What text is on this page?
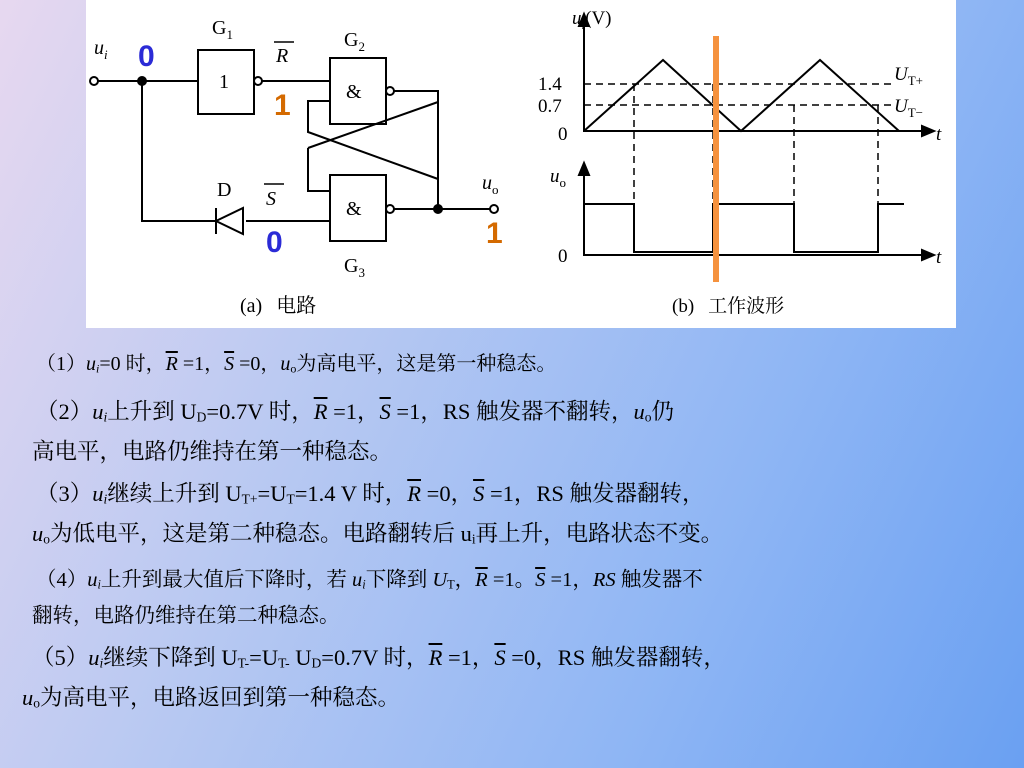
$G_1$	$G_2$
$G_3$
1	&
&
D
R
S
$u_i$
$u_o$
0
1
0	1
(a) 电路
$u_i(V)$
1.4
0.7
0
$U_{T+}$
$U_{T-}$
t
$u_o$
0	t
(b) 工作波形
$(1)u_i=0$ 时，$\overline{R} =1$，$\overline{S} =0$，$u_o$为高电平，这是第一种稳态。
$(2)u_i$上升到 $U_D=0.7V$ 时，$\overline{R} =1$，$\overline{S} =1$，RS 触发器不翻转，$u_o$仍
高电平，电路仍维持在第一种稳态。
$(3)u_i$继续上升到 $U_{T+}=U_T=1.4$ V 时，$\overline{R} =0$，$\overline{S} =1$，RS 触发器翻转，
$u_o$为低电平，这是第二种稳态。电路翻转后 $u_i$再上升，电路状态不变。
$(4)u_i$上升到最大值后下降时，若 $u_i$下降到 $U_T$，$\overline{R} =1$。$\overline{S} =1$，RS 触发器不
翻转，电路仍维持在第二种稳态。
$(5)u_i$继续下降到 $U_{T-}=U_{T-}$ $U_D=0.7V$ 时，$\overline{R} =1$，$\overline{S} =0$，RS 触发器翻转，
$u_o$为高电平，电路返回到第一种稳态。
